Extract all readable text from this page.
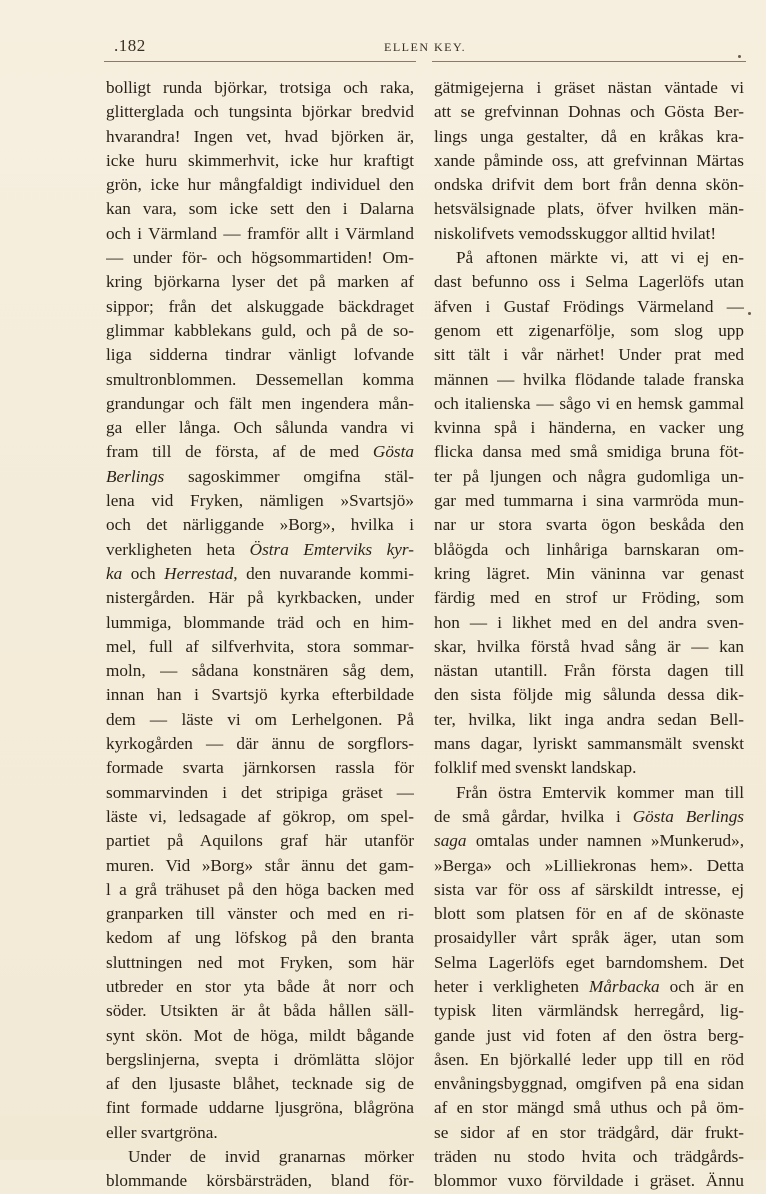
.182	ELLEN KEY.
bolligt runda björkar, trotsiga och raka,
glitterglada och tungsinta björkar bredvid
hvarandra! Ingen vet, hvad björken är,
icke huru skimmerhvit, icke hur kraftigt
grön, icke hur mångfaldigt individuel den
kan vara, som icke sett den i Dalarna
och i Värmland — framför allt i Värmland
— under för- och högsommartiden! Om-
kring björkarna lyser det på marken af
sippor; från det alskuggade bäckdraget
glimmar kabblekans guld, och på de so-
liga sidderna tindrar vänligt lofvande
smultronblommen. Dessemellan komma
grandungar och fält men ingendera mån-
ga eller långa. Och sålunda vandra vi
fram till de första, af de med Gösta
Berlings sagoskimmer omgifna stäl-
lena vid Fryken, nämligen »Svartsjö»
och det närliggande »Borg», hvilka i
verkligheten heta Östra Emterviks kyr-
ka och Herrestad, den nuvarande kommi-
nistergården. Här på kyrkbacken, under
lummiga, blommande träd och en him-
mel, full af silfverhvita, stora sommar-
moln, — sådana konstnären såg dem,
innan han i Svartsjö kyrka efterbildade
dem — läste vi om Lerhelgonen. På
kyrkogården — där ännu de sorgflors-
formade svarta järnkorsen rassla för
sommarvinden i det stripiga gräset —
läste vi, ledsagade af gökrop, om spel-
partiet på Aquilons graf här utanför
muren. Vid »Borg» står ännu det gam-
l a grå trähuset på den höga backen med
granparken till vänster och med en ri-
kedom af ung löfskog på den branta
sluttningen ned mot Fryken, som här
utbreder en stor yta både åt norr och
söder. Utsikten är åt båda hållen säll-
synt skön. Mot de höga, mildt bågande
bergslinjerna, svepta i drömlätta slöjor
af den ljusaste blåhet, tecknade sig de
fint formade uddarne ljusgröna, blågröna
eller svartgröna.
Under de invid granarnas mörker
blommande körsbärsträden, bland för-
gätmigejerna i gräset nästan väntade vi
att se grefvinnan Dohnas och Gösta Ber-
lings unga gestalter, då en kråkas kra-
xande påminde oss, att grefvinnan Märtas
ondska drifvit dem bort från denna skön-
hetsvälsignade plats, öfver hvilken män-
niskolifvets vemodsskuggor alltid hvilat!
På aftonen märkte vi, att vi ej en-
dast befunno oss i Selma Lagerlöfs utan
äfven i Gustaf Frödings Värmeland —
genom ett zigenarfölje, som slog upp
sitt tält i vår närhet! Under prat med
männen — hvilka flödande talade franska
och italienska — sågo vi en hemsk gammal
kvinna spå i händerna, en vacker ung
flicka dansa med små smidiga bruna föt-
ter på ljungen och några gudomliga un-
gar med tummarna i sina varmröda mun-
nar ur stora svarta ögon beskåda den
blåögda och linhåriga barnskaran om-
kring lägret. Min väninna var genast
färdig med en strof ur Fröding, som
hon — i likhet med en del andra sven-
skar, hvilka förstå hvad sång är — kan
nästan utantill. Från första dagen till
den sista följde mig sålunda dessa dik-
ter, hvilka, likt inga andra sedan Bell-
mans dagar, lyriskt sammansmält svenskt
folklif med svenskt landskap.
Från östra Emtervik kommer man till
de små gårdar, hvilka i Gösta Berlings
saga omtalas under namnen »Munkerud»,
»Berga» och »Lilliekronas hem». Detta
sista var för oss af särskildt intresse, ej
blott som platsen för en af de skönaste
prosaidyller vårt språk äger, utan som
Selma Lagerlöfs eget barndomshem. Det
heter i verkligheten Mårbacka och är en
typisk liten värmländsk herregård, lig-
gande just vid foten af den östra berg-
åsen. En björkallé leder upp till en röd
envåningsbyggnad, omgifven på ena sidan
af en stor mängd små uthus och på öm-
se sidor af en stor trädgård, där frukt-
träden nu stodo hvita och trädgårds-
blommor vuxo förvildade i gräset. Ännu
